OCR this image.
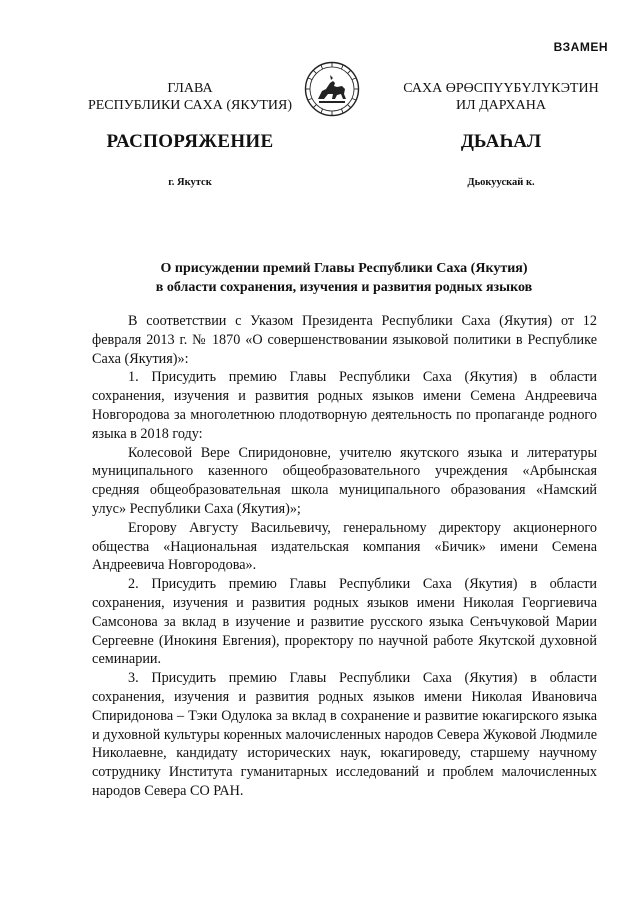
ВЗАМЕН
ГЛАВА
РЕСПУБЛИКИ САХА (ЯКУТИЯ)
САХА ӨРӨСПҮҮБҮЛҮКЭТИН
ИЛ ДАРХАНА
РАСПОРЯЖЕНИЕ	ДЬАҺАЛ
г. Якутск	Дьокуускай к.
О присуждении премий Главы Республики Саха (Якутия)
в области сохранения, изучения и развития родных языков

В соответствии с Указом Президента Республики Саха (Якутия) от 12 февраля 2013 г. № 1870 «О совершенствовании языковой политики в Республике Саха (Якутия)»:

1. Присудить премию Главы Республики Саха (Якутия) в области сохранения, изучения и развития родных языков имени Семена Андреевича Новгородова за многолетнюю плодотворную деятельность по пропаганде родного языка в 2018 году:

Колесовой Вере Спиридоновне, учителю якутского языка и литературы муниципального казенного общеобразовательного учреждения «Арбынская средняя общеобразовательная школа муниципального образования «Намский улус» Республики Саха (Якутия)»;

Егорову Августу Васильевичу, генеральному директору акционерного общества «Национальная издательская компания «Бичик» имени Семена Андреевича Новгородова».

2. Присудить премию Главы Республики Саха (Якутия) в области сохранения, изучения и развития родных языков имени Николая Георгиевича Самсонова за вклад в изучение и развитие русского языка Сенъчуковой Марии Сергеевне (Инокиня Евгения), проректору по научной работе Якутской духовной семинарии.

3. Присудить премию Главы Республики Саха (Якутия) в области сохранения, изучения и развития родных языков имени Николая Ивановича Спиридонова – Тэки Одулока за вклад в сохранение и развитие юкагирского языка и духовной культуры коренных малочисленных народов Севера Жуковой Людмиле Николаевне, кандидату исторических наук, юкагироведу, старшему научному сотруднику Института гуманитарных исследований и проблем малочисленных народов Севера СО РАН.
